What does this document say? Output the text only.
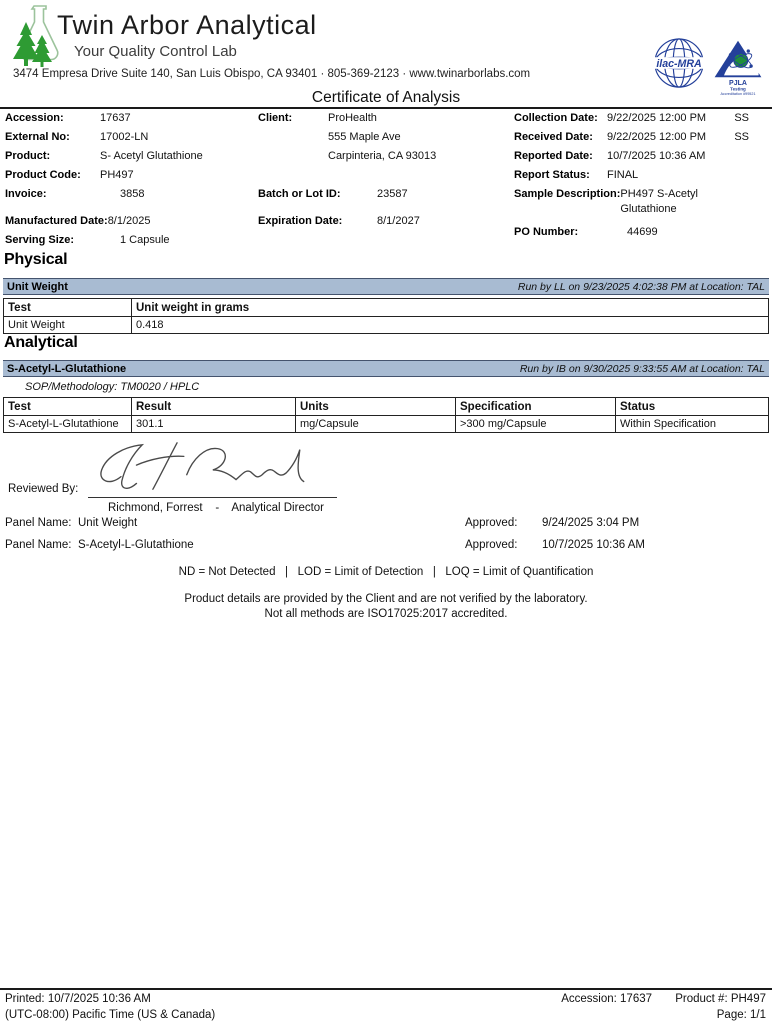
Twin Arbor Analytical
Your Quality Control Lab
3474 Empresa Drive Suite 140, San Luis Obispo, CA 93401 · 805-369-2123 · www.twinarborlabs.com
ilac-MRA
PJLA
Testing
Accreditation #99521
Certificate of Analysis
Accession:	17637
External No:	17002-LN
Product:	S- Acetyl Glutathione
Product Code:	PH497
Invoice:	3858
Manufactured Date: 8/1/2025
Serving Size:	1 Capsule
Client:	ProHealth
555 Maple Ave
Carpinteria, CA 93013
Batch or Lot ID:	23587
Expiration Date:	8/1/2027
Collection Date: 9/22/2025 12:00 PM	SS
Received Date:	9/22/2025 12:00 PM	SS
Reported Date:	10/7/2025 10:36 AM
Report Status:	FINAL
Sample Description: PH497 S-Acetyl Glutathione
PO Number:	44699
Physical
Unit Weight	Run by LL on 9/23/2025 4:02:38 PM at Location: TAL
Test	Unit weight in grams
Unit Weight	0.418
Analytical
S-Acetyl-L-Glutathione	Run by IB on 9/30/2025 9:33:55 AM at Location: TAL
SOP/Methodology: TM0020 / HPLC
Test	Result	Units	Specification	Status
S-Acetyl-L-Glutathione	301.1	mg/Capsule	>300 mg/Capsule	Within Specification
Reviewed By:
Richmond, Forrest    -    Analytical Director
Panel Name: Unit Weight	Approved: 9/24/2025 3:04 PM
Panel Name: S-Acetyl-L-Glutathione	Approved: 10/7/2025 10:36 AM
ND = Not Detected   |   LOD = Limit of Detection   |   LOQ = Limit of Quantification
Product details are provided by the Client and are not verified by the laboratory.
Not all methods are ISO17025:2017 accredited.
Printed: 10/7/2025 10:36 AM
(UTC-08:00) Pacific Time (US & Canada)
Accession: 17637 Product #: PH497
Page: 1/1
